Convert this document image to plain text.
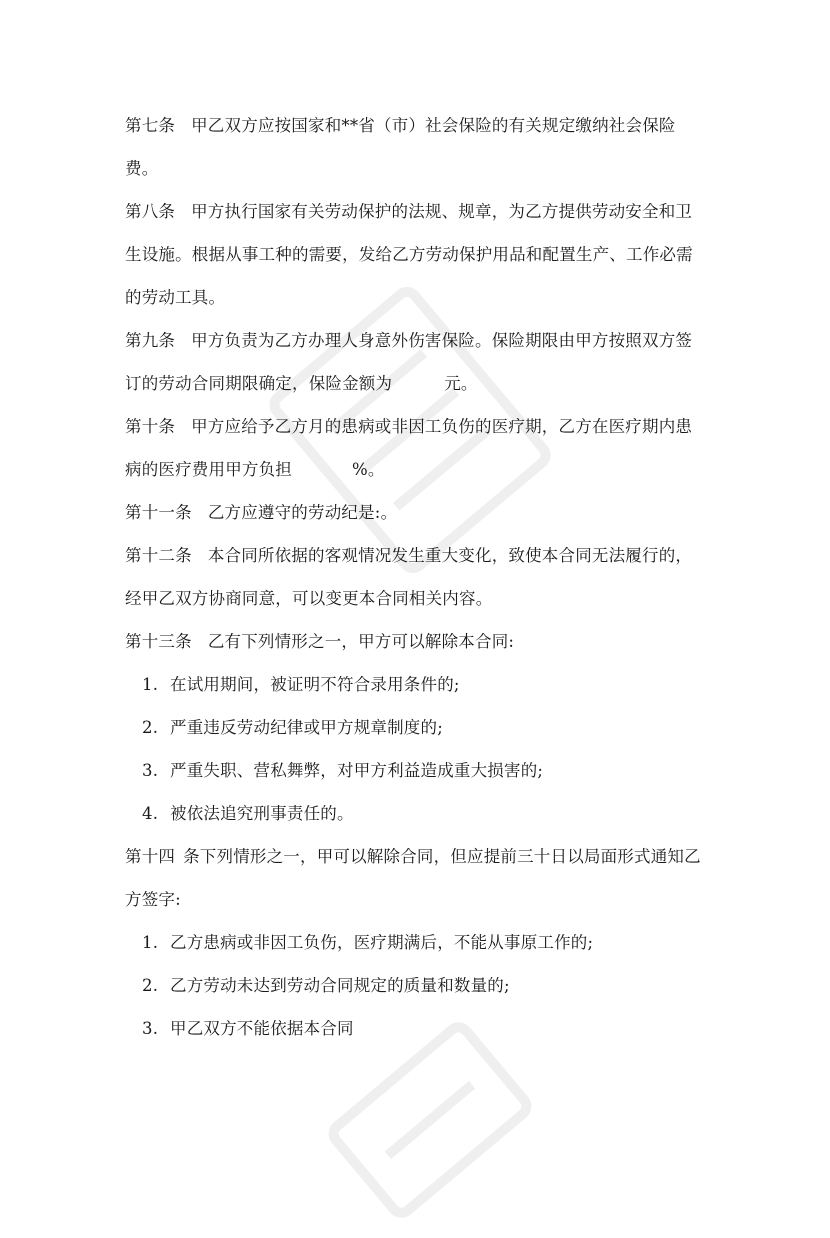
第七条 甲乙双方应按国家和**省（市）社会保险的有关规定缴纳社会保险
费。
第八条 甲方执行国家有关劳动保护的法规、规章，为乙方提供劳动安全和卫
生设施。根据从事工种的需要，发给乙方劳动保护用品和配置生产、工作必需
的劳动工具。
第九条 甲方负责为乙方办理人身意外伤害保险。保险期限由甲方按照双方签
订的劳动合同期限确定，保险金额为	元。
第十条 甲方应给予乙方月的患病或非因工负伤的医疗期，乙方在医疗期内患
病的医疗费用甲方负担	%。
第十一条 乙方应遵守的劳动纪是:。
第十二条 本合同所依据的客观情况发生重大变化，致使本合同无法履行的，
经甲乙双方协商同意，可以变更本合同相关内容。
第十三条 乙有下列情形之一，甲方可以解除本合同:
1. 在试用期间，被证明不符合录用条件的;
2. 严重违反劳动纪律或甲方规章制度的;
3. 严重失职、营私舞弊，对甲方利益造成重大损害的;
4. 被依法追究刑事责任的。
第十四 条下列情形之一，甲可以解除合同，但应提前三十日以局面形式通知乙
方签字:
1. 乙方患病或非因工负伤，医疗期满后，不能从事原工作的;
2. 乙方劳动未达到劳动合同规定的质量和数量的;
3. 甲乙双方不能依据本合同
